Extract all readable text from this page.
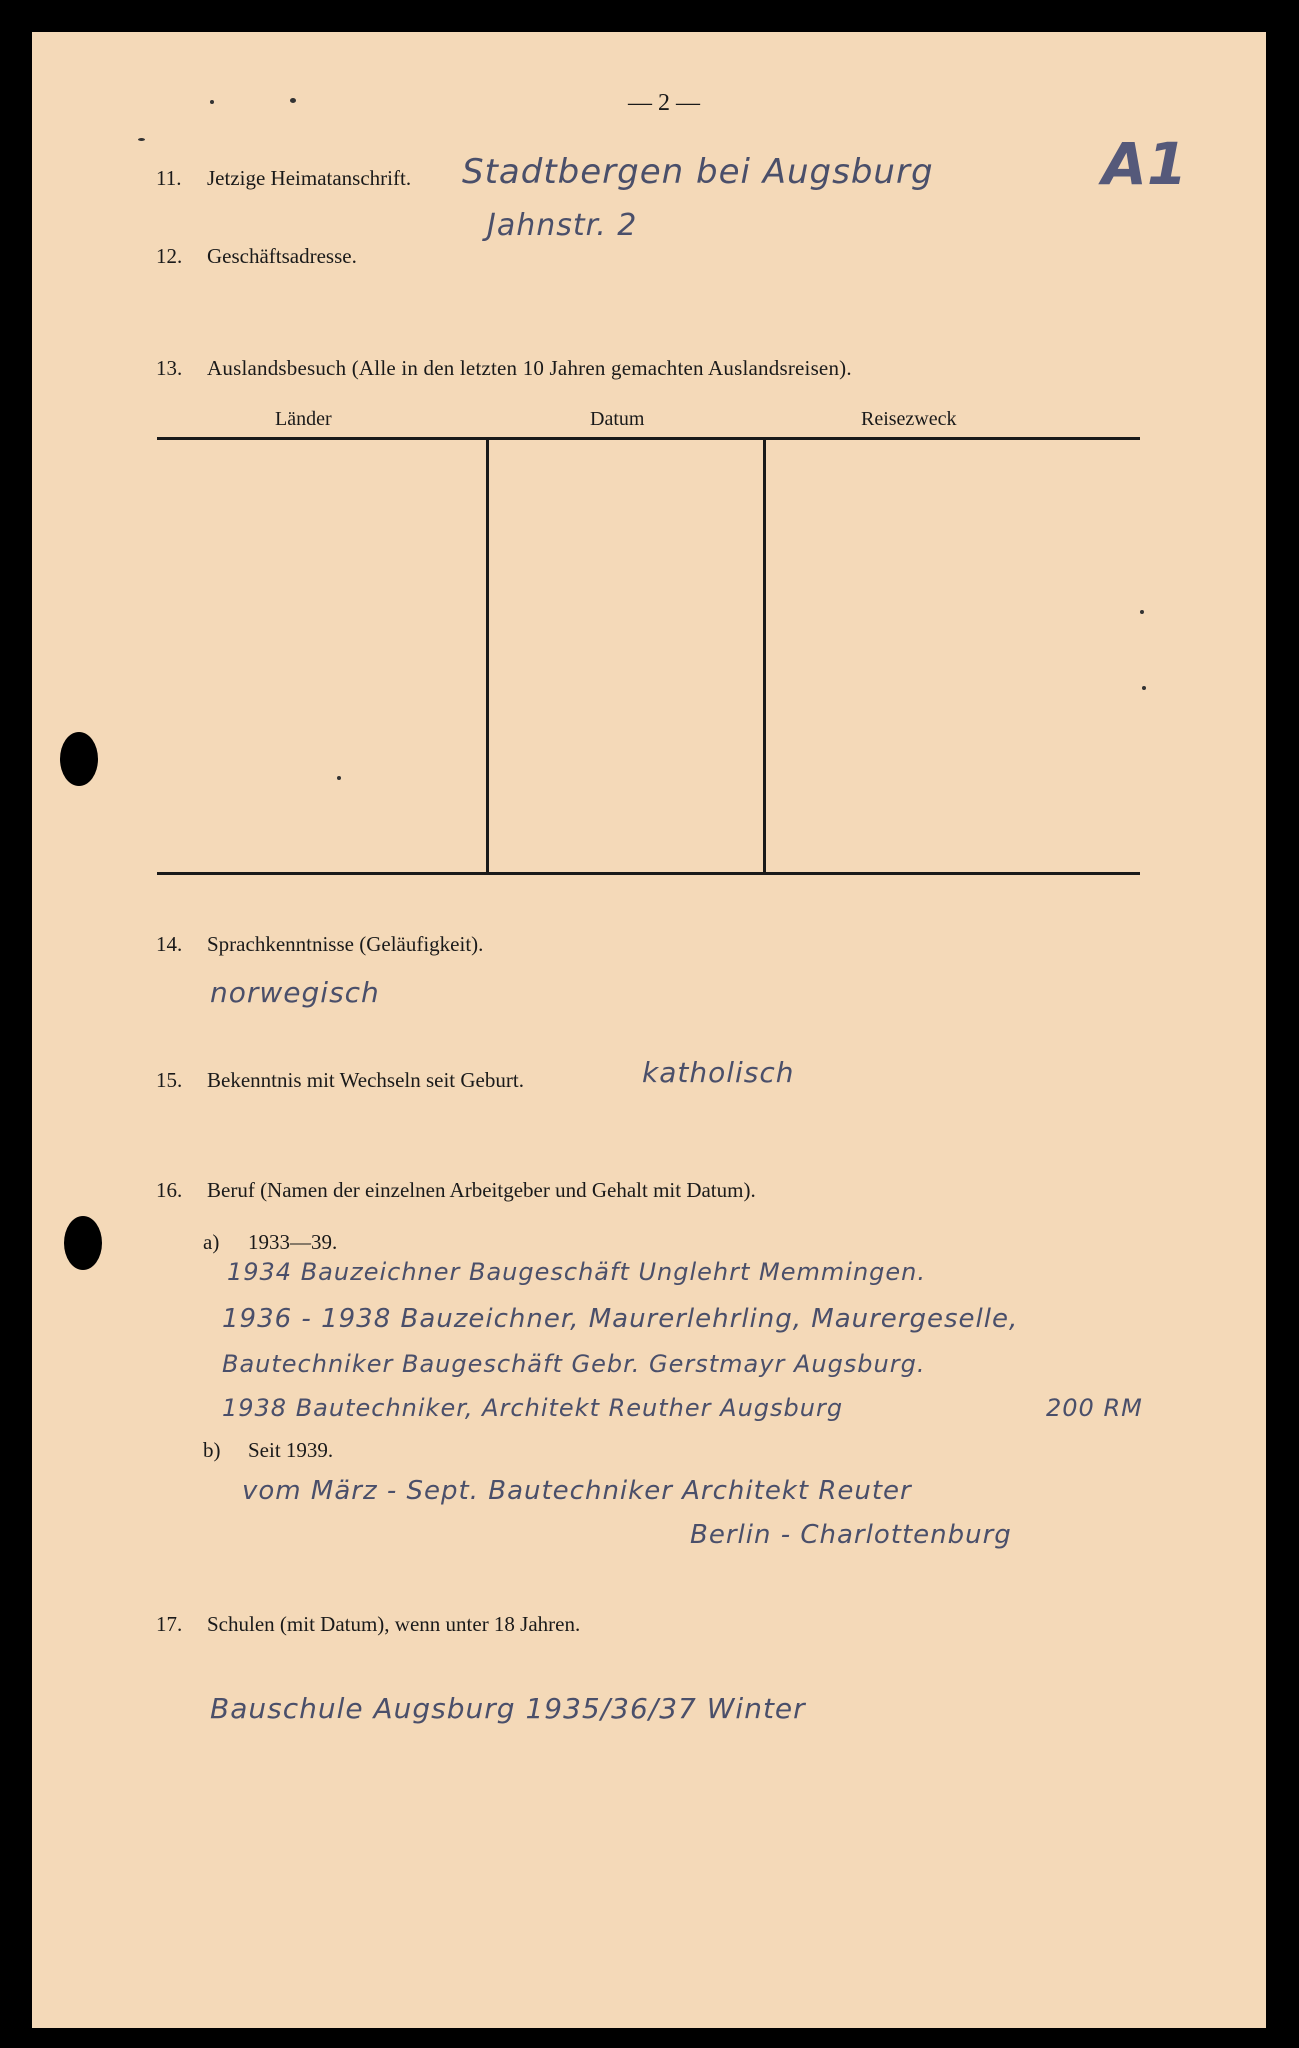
— 2 —
A1
11. Jetzige Heimatanschrift. Stadtbergen bei Augsburg
Jahnstr. 2
12. Geschäftsadresse.
13. Auslandsbesuch (Alle in den letzten 10 Jahren gemachten Auslandsreisen).
Länder	Datum	Reisezweck
14. Sprachkenntnisse (Geläufigkeit).
norwegisch
15. Bekenntnis mit Wechseln seit Geburt.	katholisch
16. Beruf (Namen der einzelnen Arbeitgeber und Gehalt mit Datum).
a) 1933—39.
1934 Bauzeichner Baugeschäft Unglehrt Memmingen.
1936 - 1938 Bauzeichner, Maurerlehrling, Maurergeselle,
Bautechniker Baugeschäft Gebr. Gerstmayr Augsburg.
1938 Bautechniker, Architekt Reuther Augsburg	200 RM
b) Seit 1939.
vom März - Sept. Bautechniker Architekt Reuter
Berlin - Charlottenburg
17. Schulen (mit Datum), wenn unter 18 Jahren.
Bauschule Augsburg 1935/36/37 Winter
